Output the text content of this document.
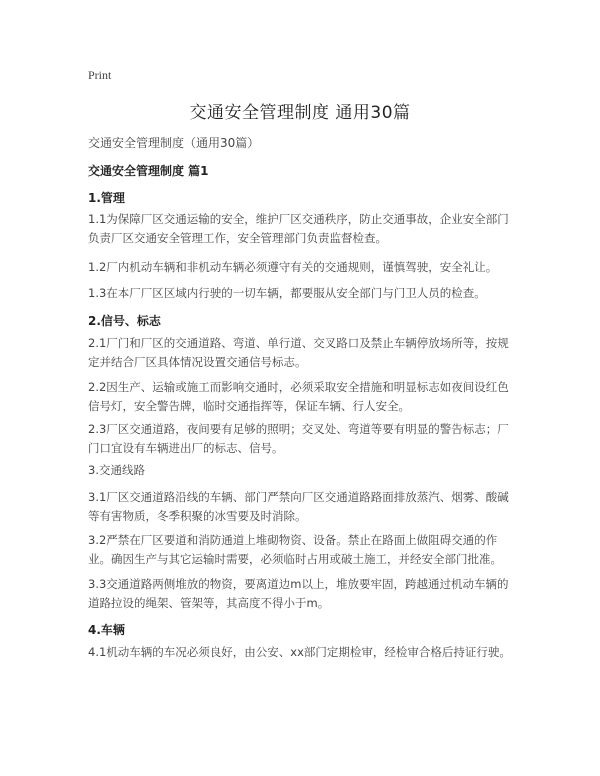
Print
交通安全管理制度 通用30篇
交通安全管理制度（通用30篇）
交通安全管理制度 篇1
1.管理

1.1为保障厂区交通运输的安全，维护厂区交通秩序，防止交通事故，企业安全部门负责厂区交通安全管理工作，安全管理部门负责监督检查。

1.2厂内机动车辆和非机动车辆必须遵守有关的交通规则，谨慎驾驶，安全礼让。

1.3在本厂厂区区域内行驶的一切车辆，都要服从安全部门与门卫人员的检查。

2.信号、标志

2.1厂门和厂区的交通道路、弯道、单行道、交叉路口及禁止车辆停放场所等，按规定并结合厂区具体情况设置交通信号标志。

2.2因生产、运输或施工而影响交通时，必须采取安全措施和明显标志如夜间设红色信号灯，安全警告牌，临时交通指挥等，保证车辆、行人安全。

2.3厂区交通道路，夜间要有足够的照明；交叉处、弯道等要有明显的警告标志；厂门口宜设有车辆进出厂的标志、信号。

3.交通线路

3.1厂区交通道路沿线的车辆、部门严禁向厂区交通道路路面排放蒸汽、烟雾、酸碱等有害物质，冬季积聚的冰雪要及时消除。

3.2严禁在厂区要道和消防通道上堆砌物资、设备。禁止在路面上做阻碍交通的作业。确因生产与其它运输时需要，必须临时占用或破土施工，并经安全部门批准。

3.3交通道路两侧堆放的物资，要离道边m以上，堆放要牢固，跨越通过机动车辆的道路拉设的绳架、管架等，其高度不得小于m。

4.车辆

4.1机动车辆的车况必须良好，由公安、xx部门定期检审，经检审合格后持证行驶。
